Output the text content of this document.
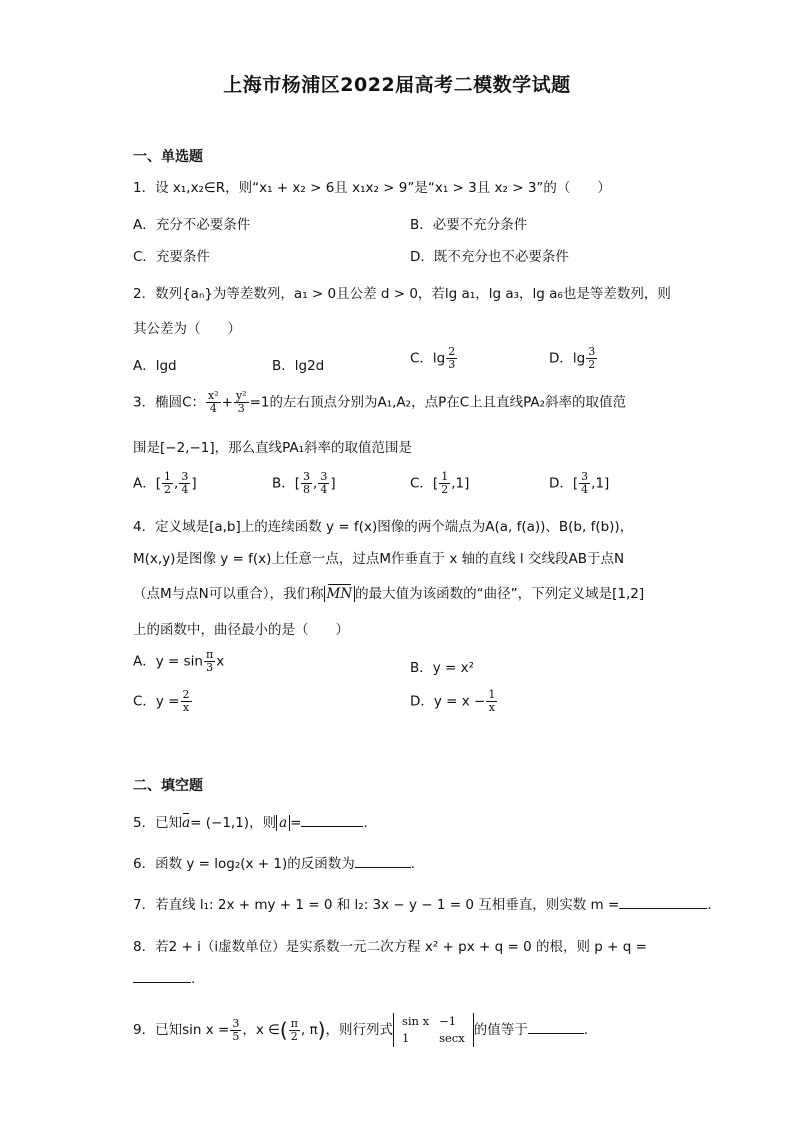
上海市杨浦区2022届高考二模数学试题
一、单选题
1．设 x₁,x₂∈R，则“x₁ + x₂ > 6且 x₁x₂ > 9”是“x₁ > 3且 x₂ > 3”的（　　）
A．充分不必要条件	B．必要不充分条件
C．充要条件	D．既不充分也不必要条件
2．数列{aₙ}为等差数列，a₁ > 0且公差 d > 0，若lg a₁，lg a₃，lg a₆也是等差数列，则
其公差为（　　）
A．lgd	B．lg2d	C．$\lg \frac{2}{3}$	D．$\lg \frac{3}{2}$
3．椭圆C： $\frac{\text{x²}}{4} + \frac{\text{y²}}{3} =1$的左右顶点分别为A₁,A₂，点P在C上且直线PA₂斜率的取值范
围是[−2,−1]，那么直线PA₁斜率的取值范围是
A．[ $\frac{1}{2}$ , $\frac{3}{4}$ ]	B．[ $\frac{3}{8}$ , $\frac{3}{4}$ ]	C．[ $\frac{1}{2} ,1$]	D．[ $\frac{3}{4} ,1$]
4．定义域是[a,b]上的连续函数 y = f(x)图像的两个端点为A(a, f(a))、B(b, f(b))，
M(x,y)是图像 y = f(x)上任意一点，过点M作垂直于 x 轴的直线 l 交线段AB于点N
（点M与点N可以重合），我们称 MN 的最大值为该函数的“曲径”，下列定义域是[1,2]
上的函数中，曲径最小的是（　　）
A．$y = \sin \frac{\pi}{3}$ x	B．y = x²
C．$y = \frac{2}{x}$	D．$y = x - \frac{1}{x}$
二、填空题
5．已知a= (−1,1)，则 a =	.
6．函数 y = log₂(x + 1)的反函数为	.
7．若直线 l₁: 2x + my + 1 = 0 和 l₂: 3x − y − 1 = 0 互相垂直，则实数 m =	.
8．若2 + i（i虚数单位）是实系数一元二次方程 x² + px + q = 0 的根，则 p + q =
.
9．已知$\sin x = \frac{3}{5}$ ，x ∈( $\frac{\pi}{2}$ , π)，则行列式
sin x	−1
1	secx 的值等于	.
